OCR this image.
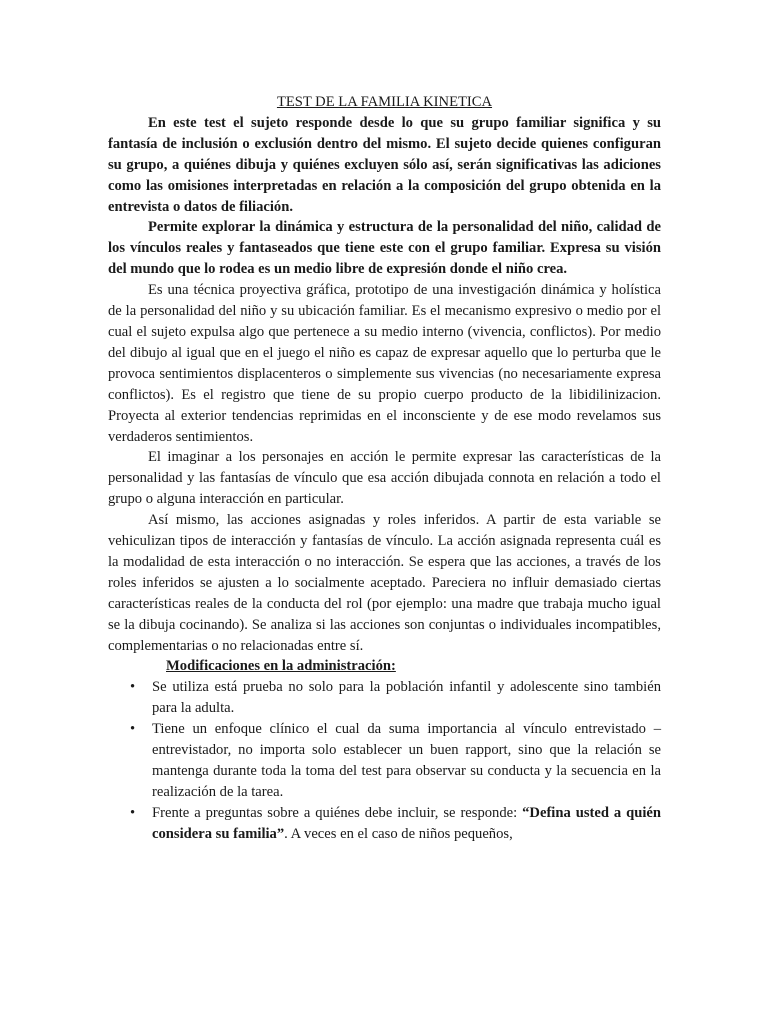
TEST DE LA FAMILIA KINETICA

En este test el sujeto responde desde lo que su grupo familiar significa y su fantasía de inclusión o exclusión dentro del mismo. El sujeto decide quienes configuran su grupo, a quiénes dibuja y quiénes excluyen sólo así, serán significativas las adiciones como las omisiones interpretadas en relación a la composición del grupo obtenida en la entrevista o datos de filiación.

Permite explorar la dinámica y estructura de la personalidad del niño, calidad de los vínculos reales y fantaseados que tiene este con el grupo familiar. Expresa su visión del mundo que lo rodea es un medio libre de expresión donde el niño crea.

Es una técnica proyectiva gráfica, prototipo de una investigación dinámica y holística de la personalidad del niño y su ubicación familiar. Es el mecanismo expresivo o medio por el cual el sujeto expulsa algo que pertenece a su medio interno (vivencia, conflictos). Por medio del dibujo al igual que en el juego el niño es capaz de expresar aquello que lo perturba que le provoca sentimientos displacenteros o simplemente sus vivencias (no necesariamente expresa conflictos). Es el registro que tiene de su propio cuerpo producto de la libidilinizacion. Proyecta al exterior tendencias reprimidas en el inconsciente y de ese modo revelamos sus verdaderos sentimientos.

El imaginar a los personajes en acción le permite expresar las características de la personalidad y las fantasías de vínculo que esa acción dibujada connota en relación a todo el grupo o alguna interacción en particular.

Así mismo, las acciones asignadas y roles inferidos. A partir de esta variable se vehiculizan tipos de interacción y fantasías de vínculo. La acción asignada representa cuál es la modalidad de esta interacción o no interacción. Se espera que las acciones, a través de los roles inferidos se ajusten a lo socialmente aceptado. Pareciera no influir demasiado ciertas características reales de la conducta del rol (por ejemplo: una madre que trabaja mucho igual se la dibuja cocinando). Se analiza si las acciones son conjuntas o individuales incompatibles, complementarias o no relacionadas entre sí.

Modificaciones en la administración:
• Se utiliza está prueba no solo para la población infantil y adolescente sino también para la adulta.
• Tiene un enfoque clínico el cual da suma importancia al vínculo entrevistado – entrevistador, no importa solo establecer un buen rapport, sino que la relación se mantenga durante toda la toma del test para observar su conducta y la secuencia en la realización de la tarea.
• Frente a preguntas sobre a quiénes debe incluir, se responde: “Defina usted a quién considera su familia”. A veces en el caso de niños pequeños,
